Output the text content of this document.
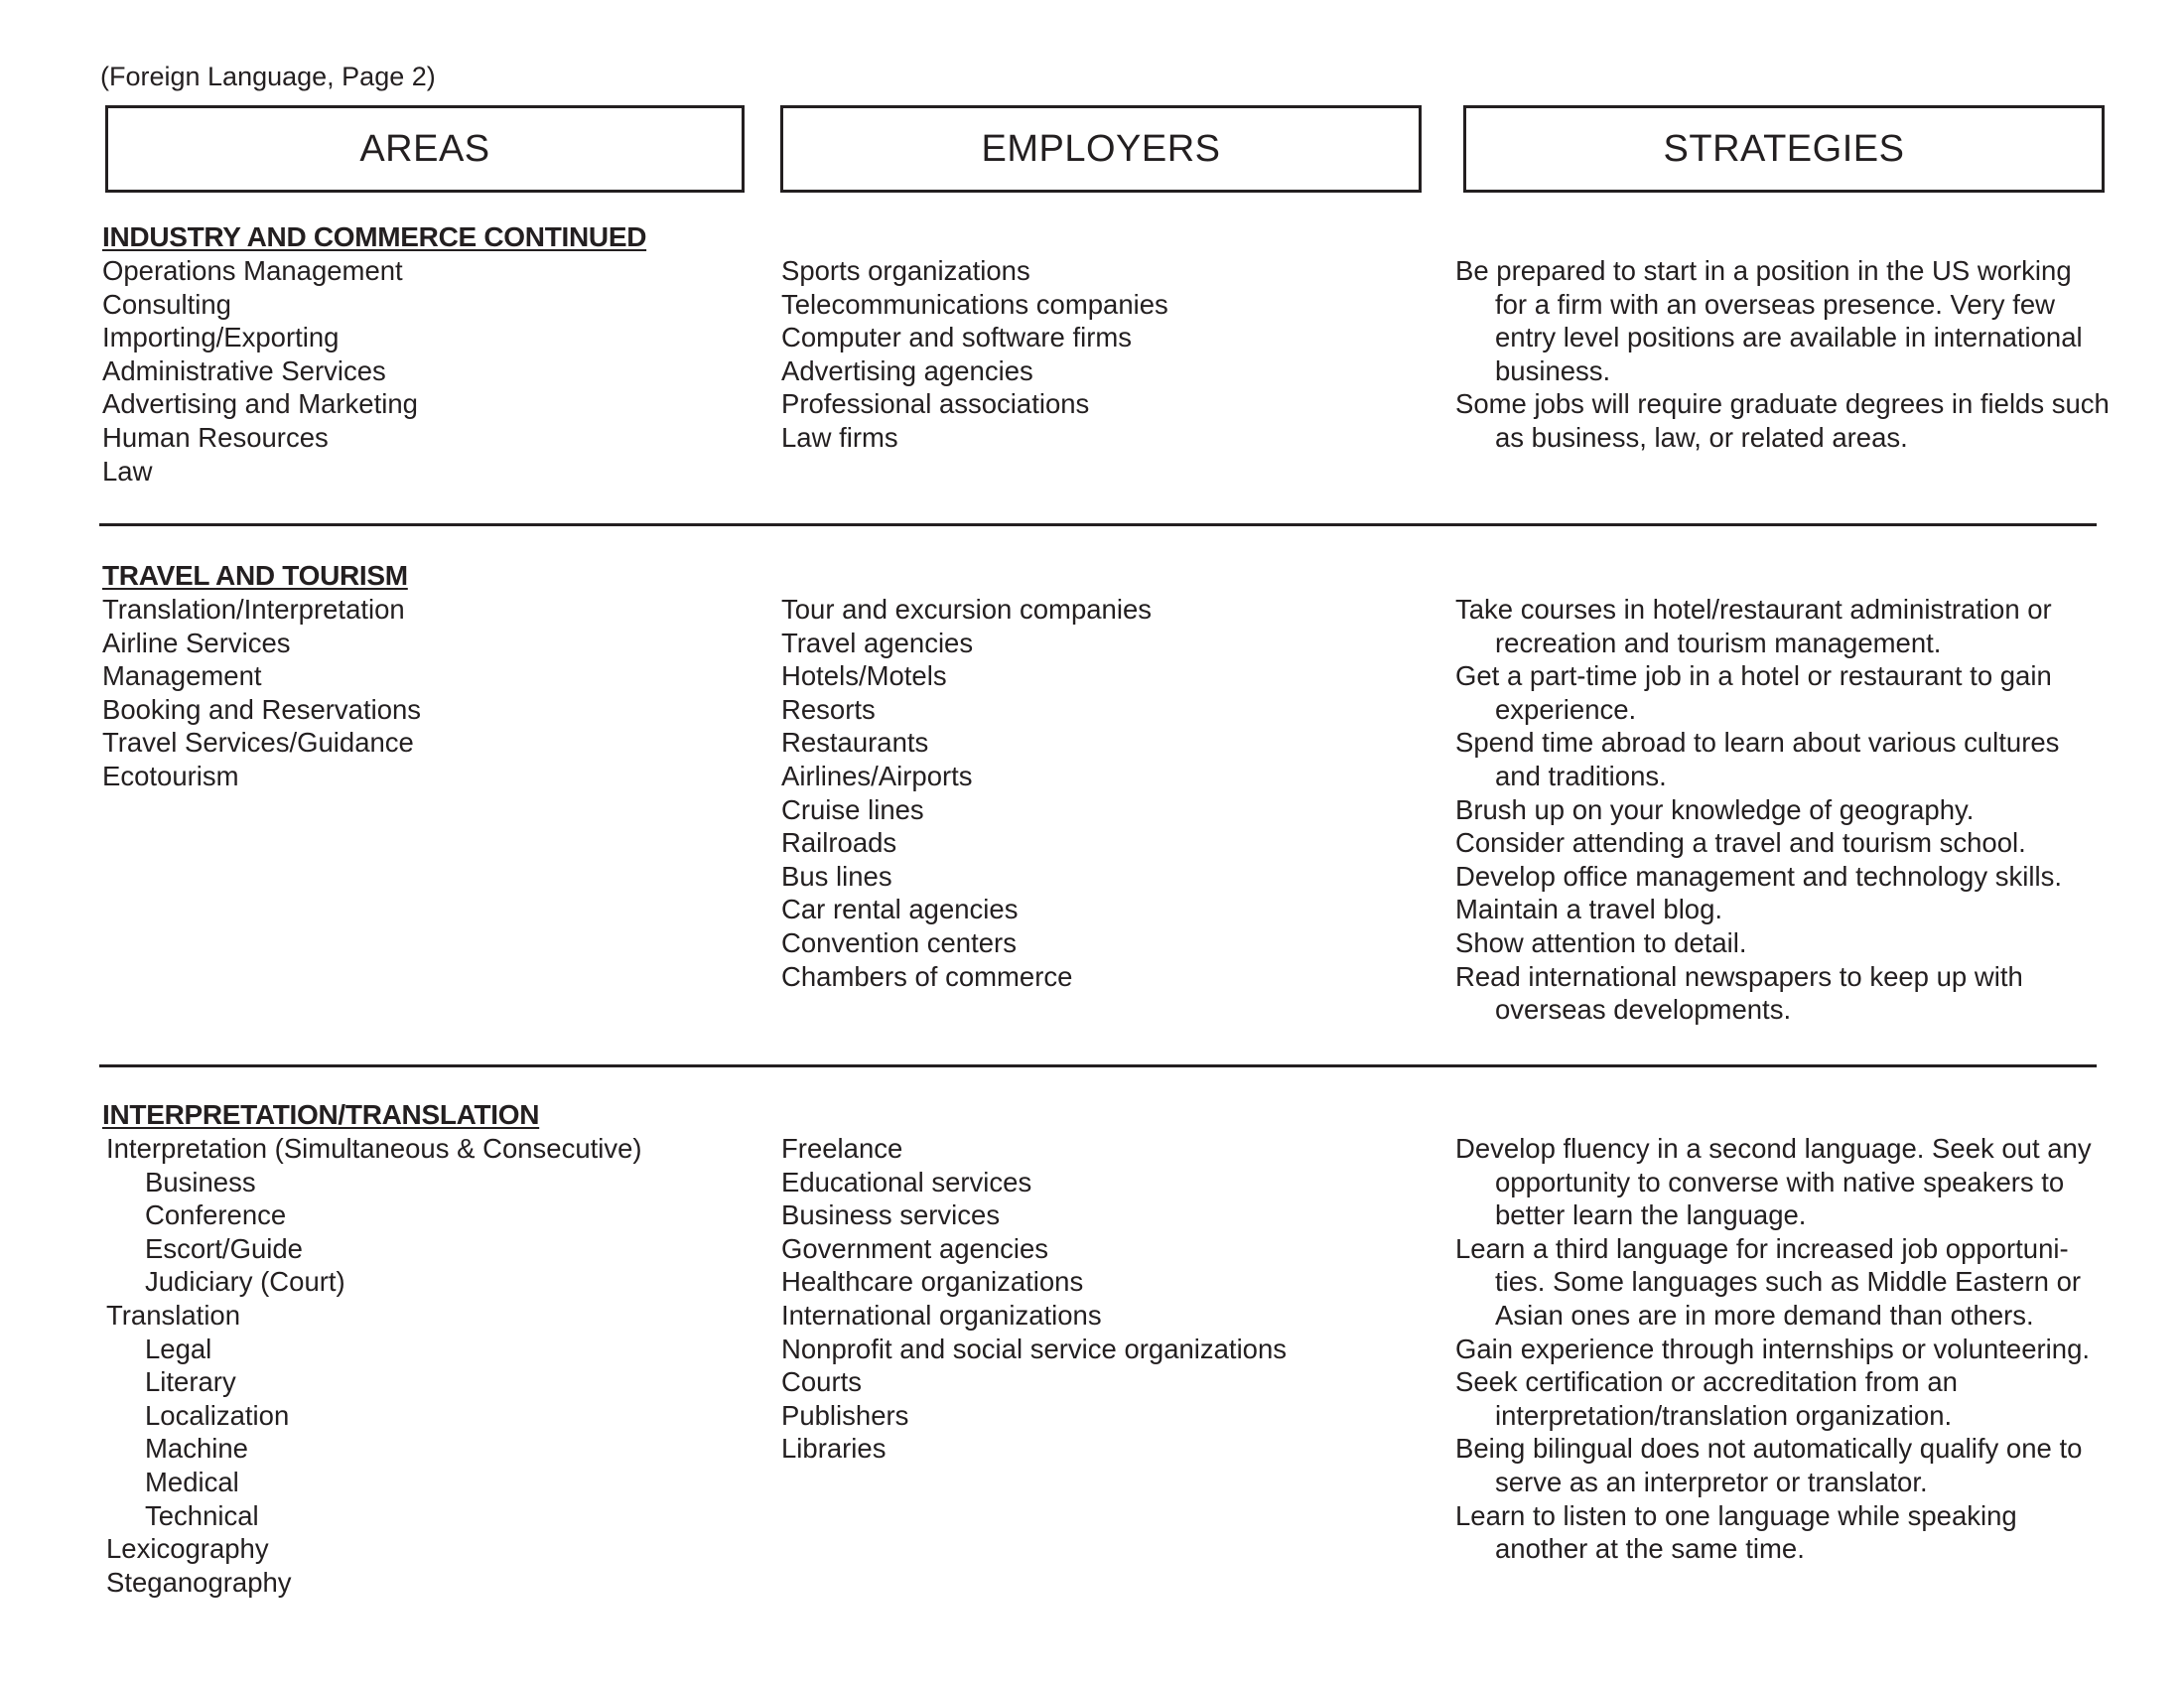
(Foreign Language, Page 2)
AREAS	EMPLOYERS	STRATEGIES
INDUSTRY AND COMMERCE CONTINUED
Operations Management
Consulting
Importing/Exporting
Administrative Services
Advertising and Marketing
Human Resources
Law
Sports organizations
Telecommunications companies
Computer and software firms
Advertising agencies
Professional associations
Law firms
Be prepared to start in a position in the US working for a firm with an overseas presence. Very few entry level positions are available in international business.
Some jobs will require graduate degrees in fields such as business, law, or related areas.
TRAVEL AND TOURISM
Translation/Interpretation
Airline Services
Management
Booking and Reservations
Travel Services/Guidance
Ecotourism
Tour and excursion companies
Travel agencies
Hotels/Motels
Resorts
Restaurants
Airlines/Airports
Cruise lines
Railroads
Bus lines
Car rental agencies
Convention centers
Chambers of commerce
Take courses in hotel/restaurant administration or recreation and tourism management.
Get a part-time job in a hotel or restaurant to gain experience.
Spend time abroad to learn about various cultures and traditions.
Brush up on your knowledge of geography.
Consider attending a travel and tourism school.
Develop office management and technology skills.
Maintain a travel blog.
Show attention to detail.
Read international newspapers to keep up with overseas developments.
INTERPRETATION/TRANSLATION
Interpretation (Simultaneous & Consecutive)
Business
Conference
Escort/Guide
Judiciary (Court)
Translation
Legal
Literary
Localization
Machine
Medical
Technical
Lexicography
Steganography
Freelance
Educational services
Business services
Government agencies
Healthcare organizations
International organizations
Nonprofit and social service organizations
Courts
Publishers
Libraries
Develop fluency in a second language. Seek out any opportunity to converse with native speakers to better learn the language.
Learn a third language for increased job opportuni-ties. Some languages such as Middle Eastern or Asian ones are in more demand than others.
Gain experience through internships or volunteering.
Seek certification or accreditation from an interpretation/translation organization.
Being bilingual does not automatically qualify one to serve as an interpretor or translator.
Learn to listen to one language while speaking another at the same time.
